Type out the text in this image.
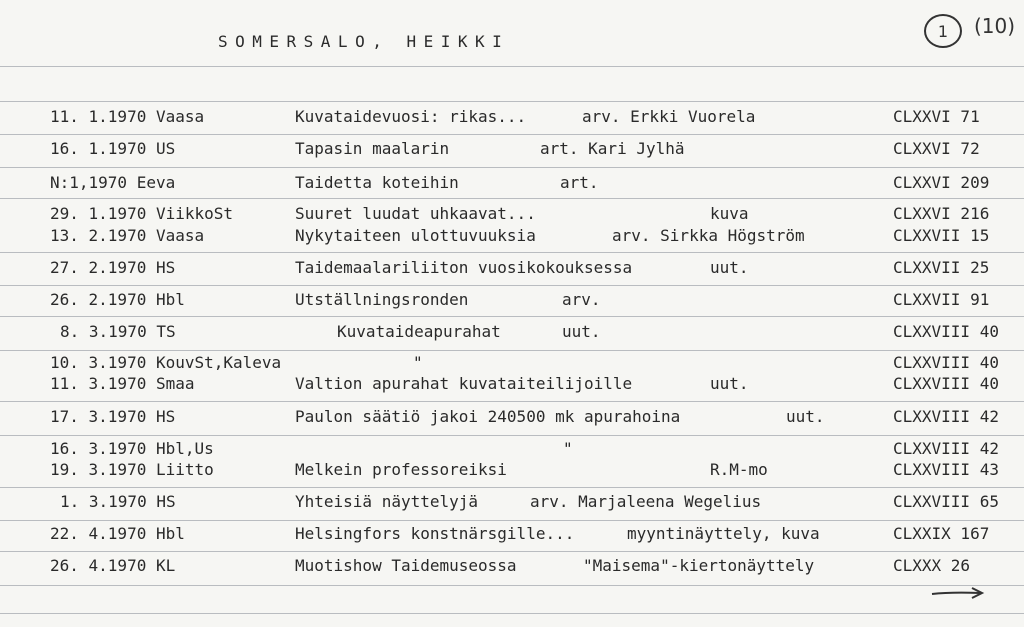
SOMERSALO, HEIKKI
1	(10)
11. 1.1970 Vaasa	Kuvataidevuosi: rikas...	arv. Erkki Vuorela	CLXXVI 71
16. 1.1970 US	Tapasin maalarin	art. Kari Jylhä	CLXXVI 72
N:1,1970 Eeva	Taidetta koteihin	art.	CLXXVI 209
29. 1.1970 ViikkoSt	Suuret luudat uhkaavat...	kuva	CLXXVI 216
13. 2.1970 Vaasa	Nykytaiteen ulottuvuuksia	arv. Sirkka Högström	CLXXVII 15
27. 2.1970 HS	Taidemaalariliiton vuosikokouksessa	uut.	CLXXVII 25
26. 2.1970 Hbl	Utställningsronden	arv.	CLXXVII 91
8. 3.1970 TS	Kuvataideapurahat	uut.	CLXXVIII 40
10. 3.1970 KouvSt,Kaleva	"	CLXXVIII 40
11. 3.1970 Smaa	Valtion apurahat kuvataiteilijoille	uut.	CLXXVIII 40
17. 3.1970 HS	Paulon säätiö jakoi 240500 mk apurahoina	uut.	CLXXVIII 42
16. 3.1970 Hbl,Us	"	CLXXVIII 42
19. 3.1970 Liitto	Melkein professoreiksi	R.M-mo	CLXXVIII 43
1. 3.1970 HS	Yhteisiä näyttelyjä	arv. Marjaleena Wegelius	CLXXVIII 65
22. 4.1970 Hbl	Helsingfors konstnärsgille...	myyntinäyttely, kuva	CLXXIX 167
26. 4.1970 KL	Muotishow Taidemuseossa	"Maisema"-kiertonäyttely	CLXXX 26
